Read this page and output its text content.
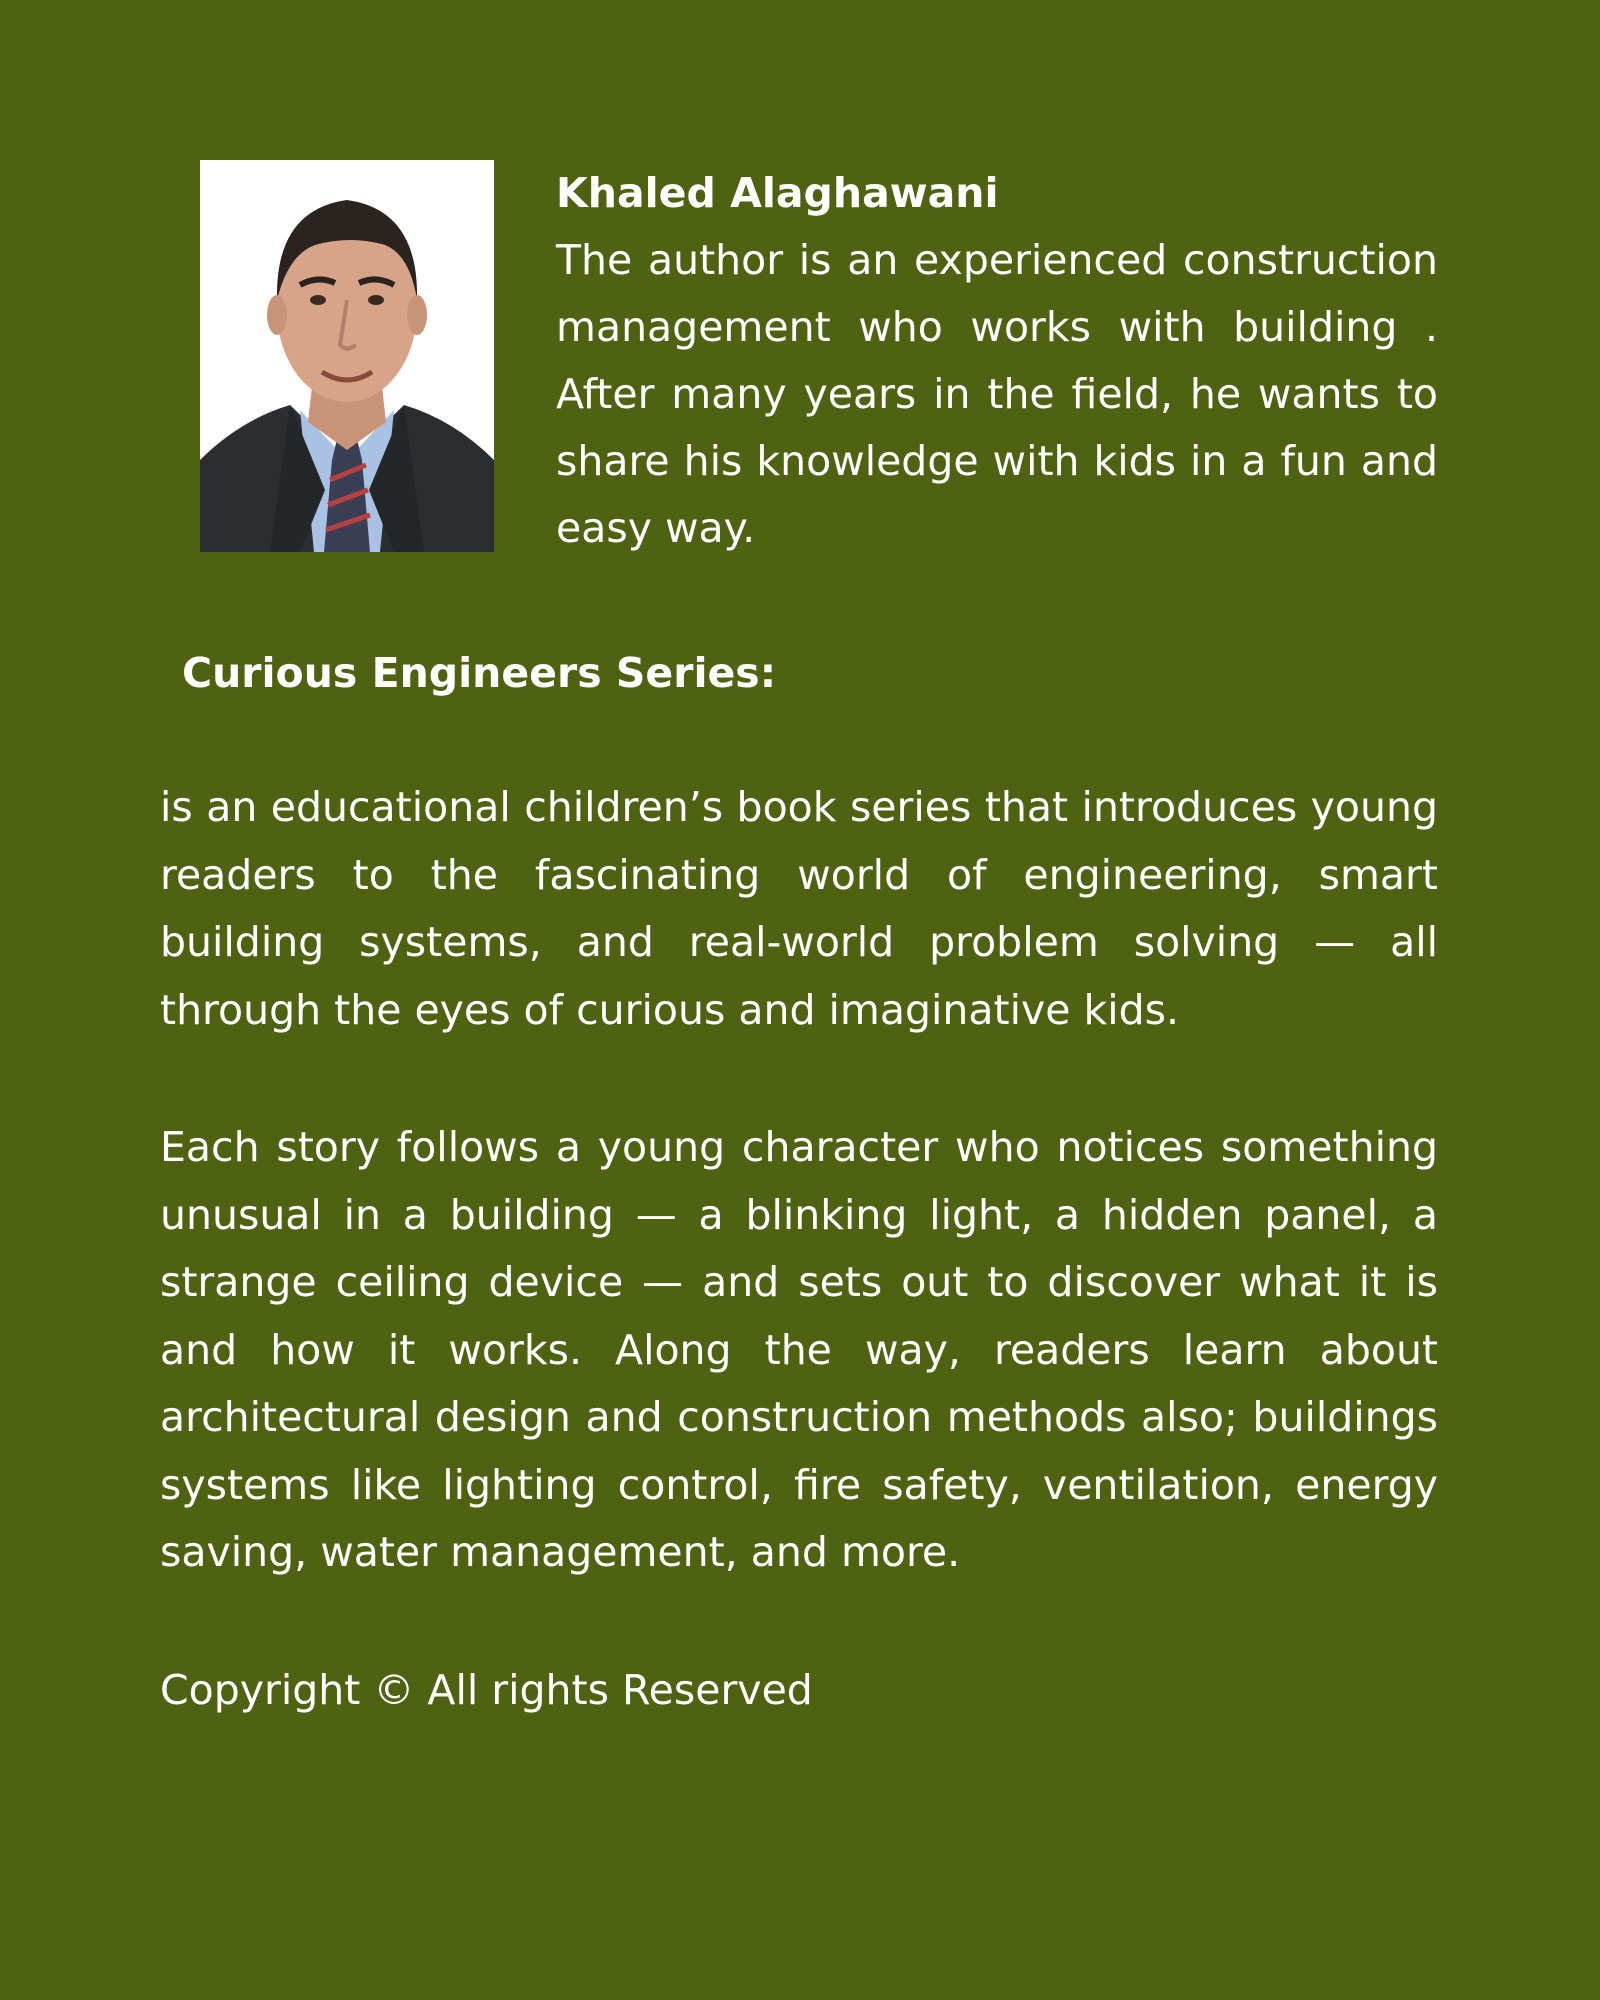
Khaled Alaghawani

The author is an experienced construction management who works with building . After many years in the field, he wants to share his knowledge with kids in a fun and easy way.

Curious Engineers Series:

is an educational children’s book series that introduces young readers to the fascinating world of engineering, smart building systems, and real-world problem solving — all through the eyes of curious and imaginative kids.

Each story follows a young character who notices something unusual in a building — a blinking light, a hidden panel, a strange ceiling device — and sets out to discover what it is and how it works. Along the way, readers learn about architectural design and construction methods also; buildings systems like lighting control, fire safety, ventilation, energy saving, water management, and more.

Copyright © All rights Reserved
